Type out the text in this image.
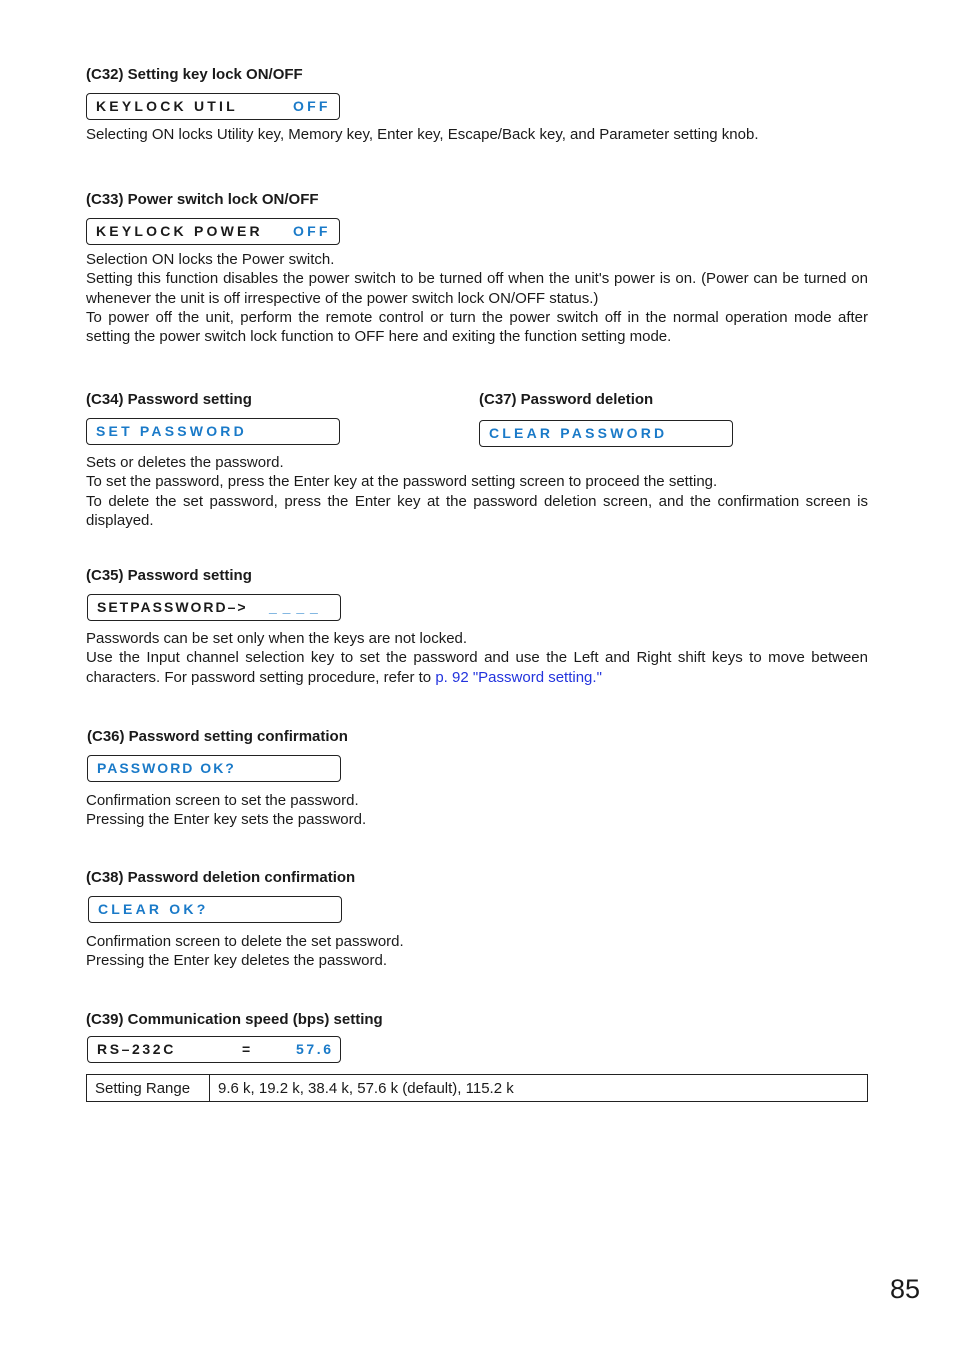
(C32) Setting key lock ON/OFF
KEYLOCK UTIL	OFF

Selecting ON locks Utility key, Memory key, Enter key, Escape/Back key, and Parameter setting knob.

(C33) Power switch lock ON/OFF
KEYLOCK POWER OFF

Selection ON locks the Power switch.

Setting this function disables the power switch to be turned off when the unit's power is on. (Power can be turned on whenever the unit is off irrespective of the power switch lock ON/OFF status.)

To power off the unit, perform the remote control or turn the power switch off in the normal operation mode after setting the power switch lock function to OFF here and exiting the function setting mode.

(C34) Password setting
SET PASSWORD
(C37) Password deletion
CLEAR PASSWORD

Sets or deletes the password.

To set the password, press the Enter key at the password setting screen to proceed the setting.

To delete the set password, press the Enter key at the password deletion screen, and the confirmation screen is displayed.

(C35) Password setting
SETPASSWORD–> _ _ _ _

Passwords can be set only when the keys are not locked.

Use the Input channel selection key to set the password and use the Left and Right shift keys to move between characters. For password setting procedure, refer to p. 92 "Password setting."

(C36) Password setting confirmation
PASSWORD OK?

Confirmation screen to set the password.

Pressing the Enter key sets the password.

(C38) Password deletion confirmation
CLEAR OK?

Confirmation screen to delete the set password.

Pressing the Enter key deletes the password.

(C39) Communication speed (bps) setting
RS–232C	=	57.6
Setting Range	9.6 k, 19.2 k, 38.4 k, 57.6 k (default), 115.2 k
85
